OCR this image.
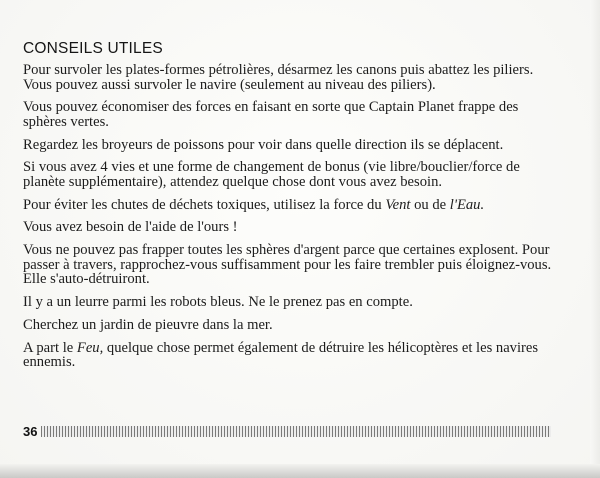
CONSEILS UTILES
Pour survoler les plates-formes pétrolières, désarmez les canons puis abattez les piliers. Vous pouvez aussi survoler le navire (seulement au niveau des piliers).
Vous pouvez économiser des forces en faisant en sorte que Captain Planet frappe des sphères vertes.
Regardez les broyeurs de poissons pour voir dans quelle direction ils se déplacent.
Si vous avez 4 vies et une forme de changement de bonus (vie libre/bouclier/force de planète supplémentaire), attendez quelque chose dont vous avez besoin.
Pour éviter les chutes de déchets toxiques, utilisez la force du Vent ou de l'Eau.
Vous avez besoin de l'aide de l'ours !
Vous ne pouvez pas frapper toutes les sphères d'argent parce que certaines explosent. Pour passer à travers, rapprochez-vous suffisamment pour les faire trembler puis éloignez-vous. Elle s'auto-détruiront.
Il y a un leurre parmi les robots bleus. Ne le prenez pas en compte.
Cherchez un jardin de pieuvre dans la mer.
A part le Feu, quelque chose permet également de détruire les hélicoptères et les navires ennemis.
36
